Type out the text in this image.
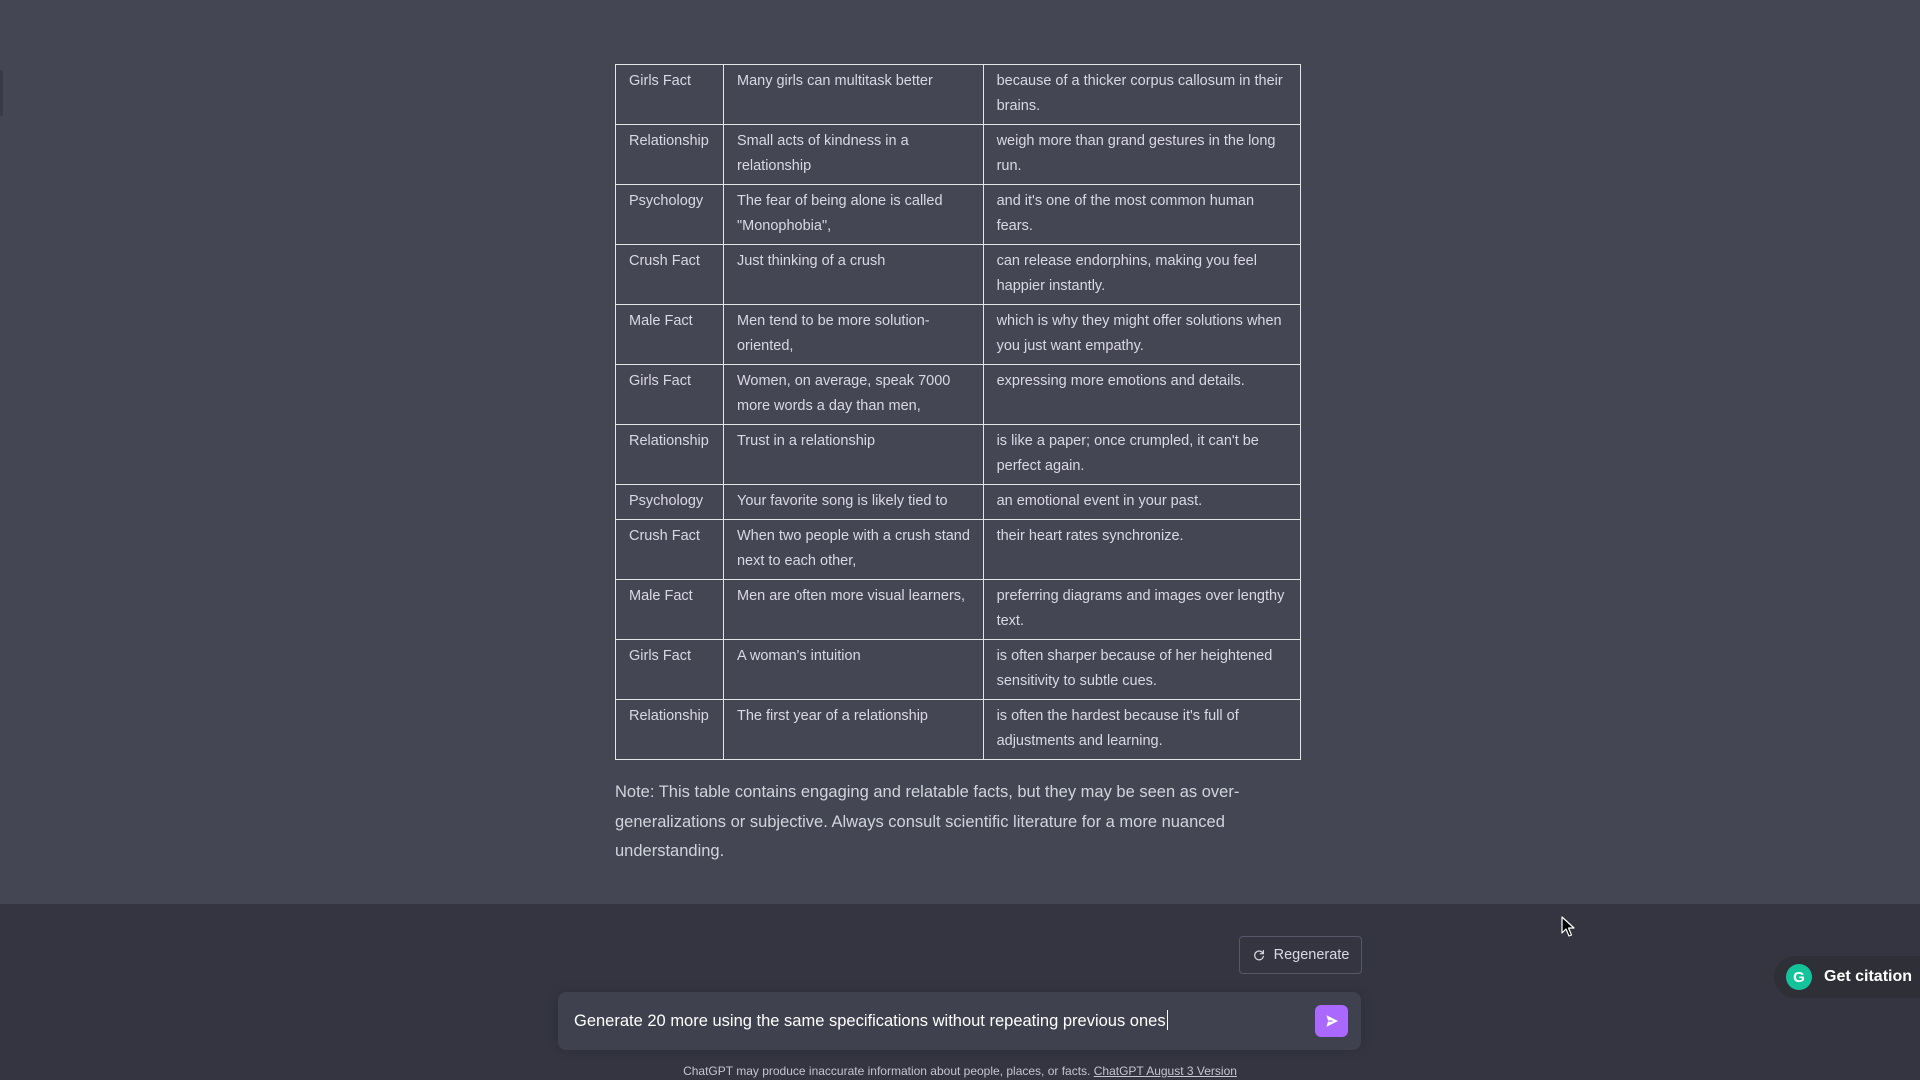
Girls Fact	Many girls can multitask better	because of a thicker corpus callosum in their brains.
Relationship	Small acts of kindness in a relationship	weigh more than grand gestures in the long run.
Psychology	The fear of being alone is called "Monophobia",	and it's one of the most common human fears.
Crush Fact	Just thinking of a crush	can release endorphins, making you feel happier instantly.
Male Fact	Men tend to be more solution-oriented,	which is why they might offer solutions when you just want empathy.
Girls Fact	Women, on average, speak 7000 more words a day than men,	expressing more emotions and details.
Relationship	Trust in a relationship	is like a paper; once crumpled, it can't be perfect again.
Psychology	Your favorite song is likely tied to	an emotional event in your past.
Crush Fact	When two people with a crush stand next to each other,	their heart rates synchronize.
Male Fact	Men are often more visual learners,	preferring diagrams and images over lengthy text.
Girls Fact	A woman's intuition	is often sharper because of her heightened sensitivity to subtle cues.
Relationship	The first year of a relationship	is often the hardest because it's full of adjustments and learning.
Note: This table contains engaging and relatable facts, but they may be seen as over-generalizations or subjective. Always consult scientific literature for a more nuanced understanding.
Regenerate
Generate 20 more using the same specifications without repeating previous ones
ChatGPT may produce inaccurate information about people, places, or facts. ChatGPT August 3 Version
G	Get citation
